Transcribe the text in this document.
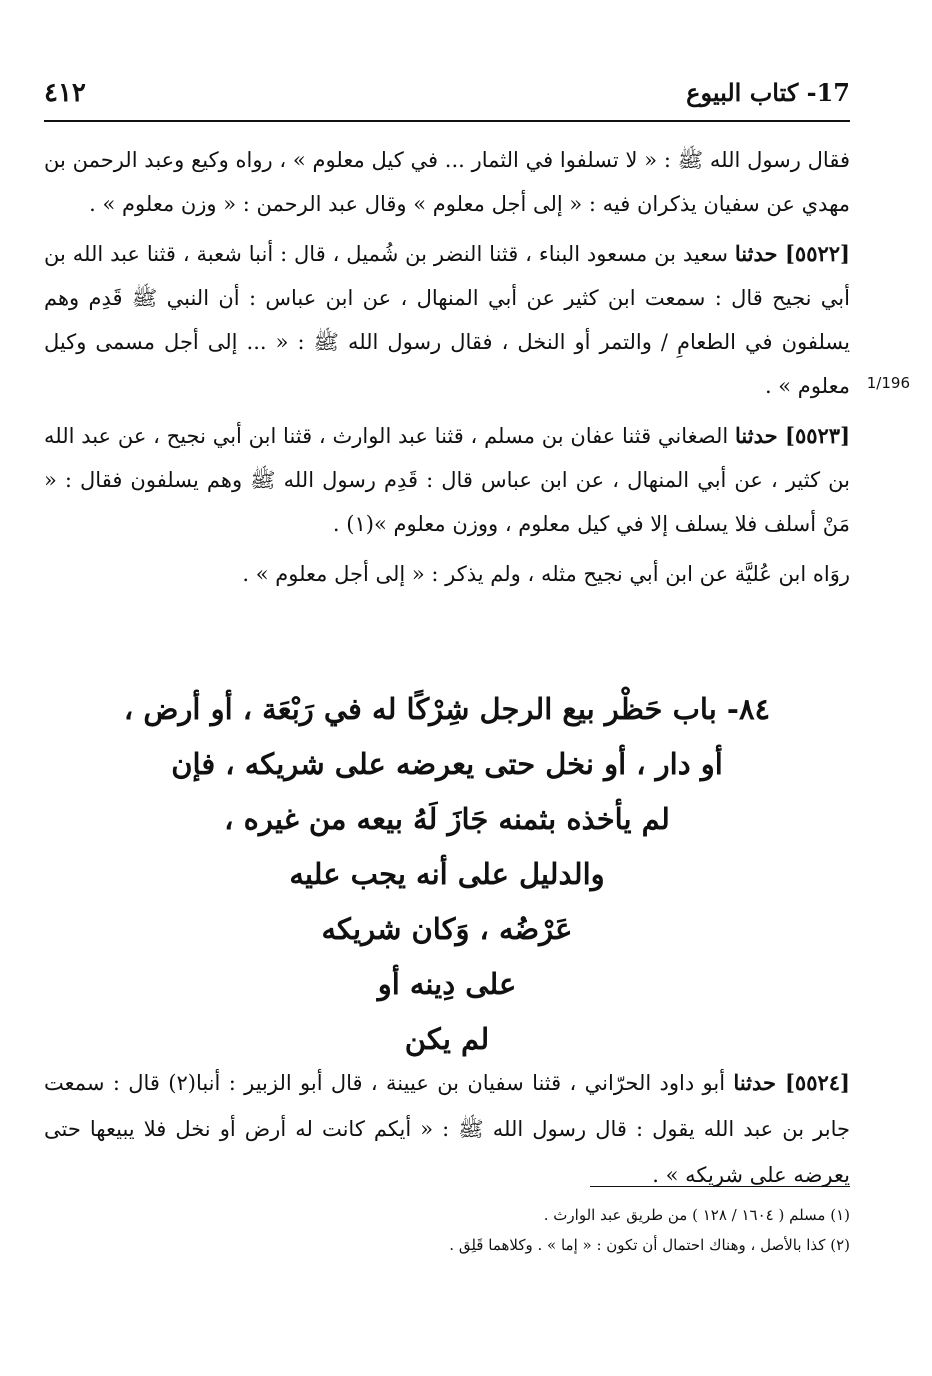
٤١٢	17- كتاب البيوع
1/196

فقال رسول الله ﷺ : « لا تسلفوا في الثمار ... في كيل معلوم » ، رواه وكيع وعبد الرحمن بن مهدي عن سفيان يذكران فيه : « إلى أجل معلوم » وقال عبد الرحمن : « وزن معلوم » .

[٥٥٢٢] حدثنا سعيد بن مسعود البناء ، قثنا النضر بن شُميل ، قال : أنبا شعبة ، قثنا عبد الله بن أبي نجيح قال : سمعت ابن كثير عن أبي المنهال ، عن ابن عباس : أن النبي ﷺ قَدِم وهم يسلفون في الطعامِ / والتمر أو النخل ، فقال رسول الله ﷺ : « ... إلى أجل مسمى وكيل معلوم » .

[٥٥٢٣] حدثنا الصغاني قثنا عفان بن مسلم ، قثنا عبد الوارث ، قثنا ابن أبي نجيح ، عن عبد الله بن كثير ، عن أبي المنهال ، عن ابن عباس قال : قَدِم رسول الله ﷺ وهم يسلفون فقال : « مَنْ أسلف فلا يسلف إلا في كيل معلوم ، ووزن معلوم »(١) .

روَاه ابن عُليَّة عن ابن أبي نجيح مثله ، ولم يذكر : « إلى أجل معلوم » .

٨٤- باب حَظْر بيع الرجل شِرْكًا له في رَبْعَة ، أو أرض ،
أو دار ، أو نخل حتى يعرضه على شريكه ، فإن
لم يأخذه بثمنه جَازَ لَهُ بيعه من غيره ،
والدليل على أنه يجب عليه
عَرْضُه ، وَكان شريكه
على دِينه أو
لم يكن

[٥٥٢٤] حدثنا أبو داود الحرّاني ، قثنا سفيان بن عيينة ، قال أبو الزبير : أنبا(٢) قال : سمعت جابر بن عبد الله يقول : قال رسول الله ﷺ : « أيكم كانت له أرض أو نخل فلا يبيعها حتى يعرضه على شريكه » .

(١) مسلم ( ١٦٠٤ / ١٢٨ ) من طريق عبد الوارث .

(٢) كذا بالأصل ، وهناك احتمال أن تكون : « إما » . وكلاهما قَلِق .
